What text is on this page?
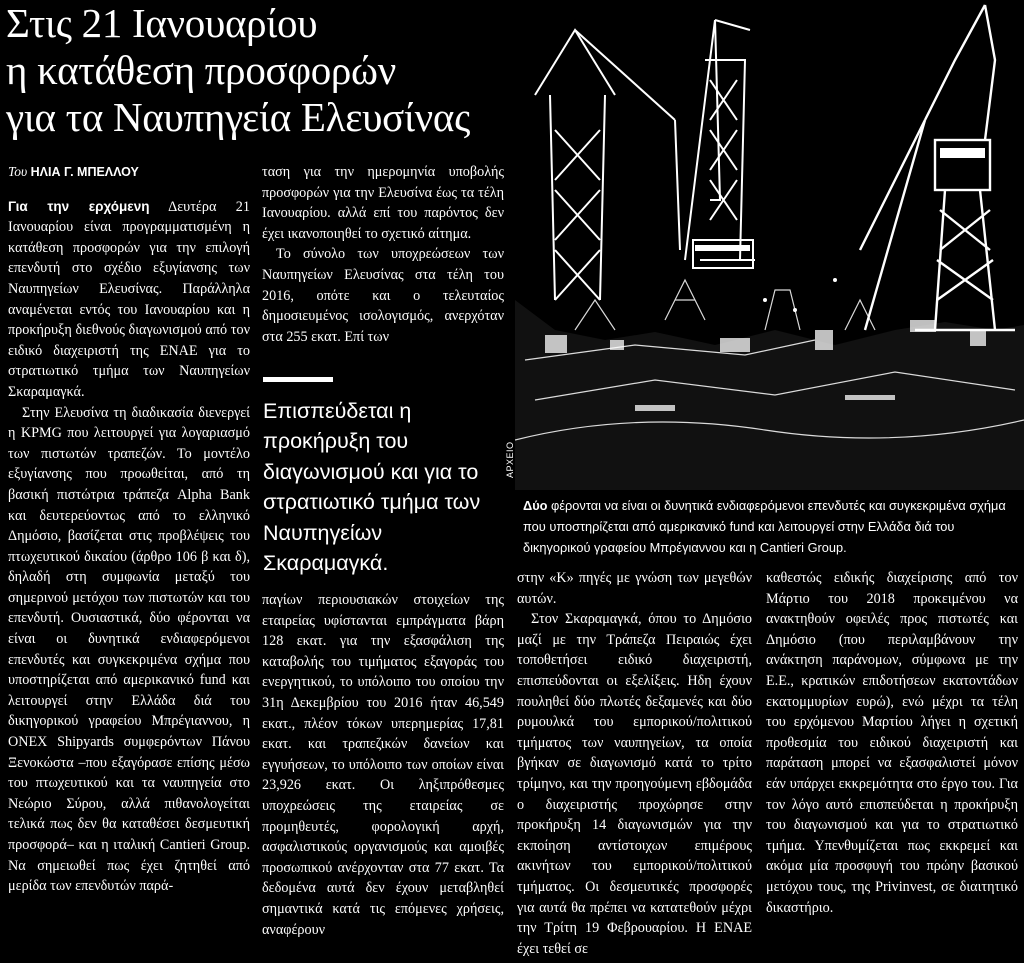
Στις 21 Ιανουαρίου
η κατάθεση προσφορών
για τα Ναυπηγεία Ελευσίνας

Του ΗΛΙΑ Γ. ΜΠΕΛΛΟΥ

Για την ερχόμενη Δευτέρα 21 Ιανουαρίου είναι προγραμματισμένη η κατάθεση προσφορών για την επιλογή επενδυτή στο σχέδιο εξυγίανσης των Ναυπηγείων Ελευσίνας. Παράλληλα αναμένεται εντός του Ιανουαρίου και η προκήρυξη διεθνούς διαγωνισμού από τον ειδικό διαχειριστή της ΕΝΑΕ για το στρατιωτικό τμήμα των Ναυπηγείων Σκαραμαγκά.

Στην Ελευσίνα τη διαδικασία διενεργεί η KPMG που λειτουργεί για λογαριασμό των πιστωτών τραπεζών. Το μοντέλο εξυγίανσης που προωθείται, από τη βασική πιστώτρια τράπεζα Alpha Bank και δευτερεύοντως από το ελληνικό Δημόσιο, βασίζεται στις προβλέψεις του πτωχευτικού δικαίου (άρθρο 106 β και δ), δηλαδή στη συμφωνία μεταξύ του σημερινού μετόχου των πιστωτών και του επενδυτή. Ουσιαστικά, δύο φέρονται να είναι οι δυνητικά ενδιαφερόμενοι επενδυτές και συγκεκριμένα σχήμα που υποστηρίζεται από αμερικανικό fund και λειτουργεί στην Ελλάδα διά του δικηγορικού γραφείου Μπρέγιαννου, η ONEX Shipyards συμφερόντων Πάνου Ξενοκώστα –που εξαγόρασε επίσης μέσω του πτωχευτικού και τα ναυπηγεία στο Νεώριο Σύρου, αλλά πιθανολογείται τελικά πως δεν θα καταθέσει δεσμευτική προσφορά– και η ιταλική Cantieri Group. Να σημειωθεί πως έχει ζητηθεί από μερίδα των επενδυτών παρά-

ταση για την ημερομηνία υποβολής προσφορών για την Ελευσίνα έως τα τέλη Ιανουαρίου. αλλά επί του παρόντος δεν έχει ικανοποιηθεί το σχετικό αίτημα.

Το σύνολο των υποχρεώσεων των Ναυπηγείων Ελευσίνας στα τέλη του 2016, οπότε και ο τελευταίος δημοσιευμένος ισολογισμός, ανερχόταν στα 255 εκατ. Επί των

Επισπεύδεται η προκήρυξη του διαγωνισμού και για το στρατιωτικό τμήμα των Ναυπηγείων Σκαραμαγκά.

παγίων περιουσιακών στοιχείων της εταιρείας υφίστανται εμπράγματα βάρη 128 εκατ. για την εξασφάλιση της καταβολής του τιμήματος εξαγοράς του ενεργητικού, το υπόλοιπο του οποίου την 31η Δεκεμβρίου του 2016 ήταν 46,549 εκατ., πλέον τόκων υπερημερίας 17,81 εκατ. και τραπεζικών δανείων και εγγυήσεων, το υπόλοιπο των οποίων είναι 23,926 εκατ. Οι ληξιπρόθεσμες υποχρεώσεις της εταιρείας σε προμηθευτές, φορολογική αρχή, ασφαλιστικούς οργανισμούς και αμοιβές προσωπικού ανέρχονταν στα 77 εκατ. Τα δεδομένα αυτά δεν έχουν μεταβληθεί σημαντικά κατά τις επόμενες χρήσεις, αναφέρουν

ΑΡΧΕΙΟ

Δύο φέρονται να είναι οι δυνητικά ενδιαφερόμενοι επενδυτές και συγκεκριμένα σχήμα που υποστηρίζεται από αμερικανικό fund και λειτουργεί στην Ελλάδα διά του δικηγορικού γραφείου Μπρέγιαννου και η Cantieri Group.

στην «Κ» πηγές με γνώση των μεγεθών αυτών.

Στον Σκαραμαγκά, όπου το Δημόσιο μαζί με την Τράπεζα Πειραιώς έχει τοποθετήσει ειδικό διαχειριστή, επισπεύδονται οι εξελίξεις. Ηδη έχουν πουληθεί δύο πλωτές δεξαμενές και δύο ρυμουλκά του εμπορικού/πολιτικού τμήματος των ναυπηγείων, τα οποία βγήκαν σε διαγωνισμό κατά το τρίτο τρίμηνο, και την προηγούμενη εβδομάδα ο διαχειριστής προχώρησε στην προκήρυξη 14 διαγωνισμών για την εκποίηση αντίστοιχων επιμέρους ακινήτων του εμπορικού/πολιτικού τμήματος. Οι δεσμευτικές προσφορές για αυτά θα πρέπει να κατατεθούν μέχρι την Τρίτη 19 Φεβρουαρίου. Η ΕΝΑΕ έχει τεθεί σε

καθεστώς ειδικής διαχείρισης από τον Μάρτιο του 2018 προκειμένου να ανακτηθούν οφειλές προς πιστωτές και Δημόσιο (που περιλαμβάνουν την ανάκτηση παράνομων, σύμφωνα με την Ε.Ε., κρατικών επιδοτήσεων εκατοντάδων εκατομμυρίων ευρώ), ενώ μέχρι τα τέλη του ερχόμενου Μαρτίου λήγει η σχετική προθεσμία του ειδικού διαχειριστή και παράταση μπορεί να εξασφαλιστεί μόνον εάν υπάρχει εκκρεμότητα στο έργο του. Για τον λόγο αυτό επισπεύδεται η προκήρυξη του διαγωνισμού και για το στρατιωτικό τμήμα. Υπενθυμίζεται πως εκκρεμεί και ακόμα μία προσφυγή του πρώην βασικού μετόχου τους, της Privinvest, σε διαιτητικό δικαστήριο.
